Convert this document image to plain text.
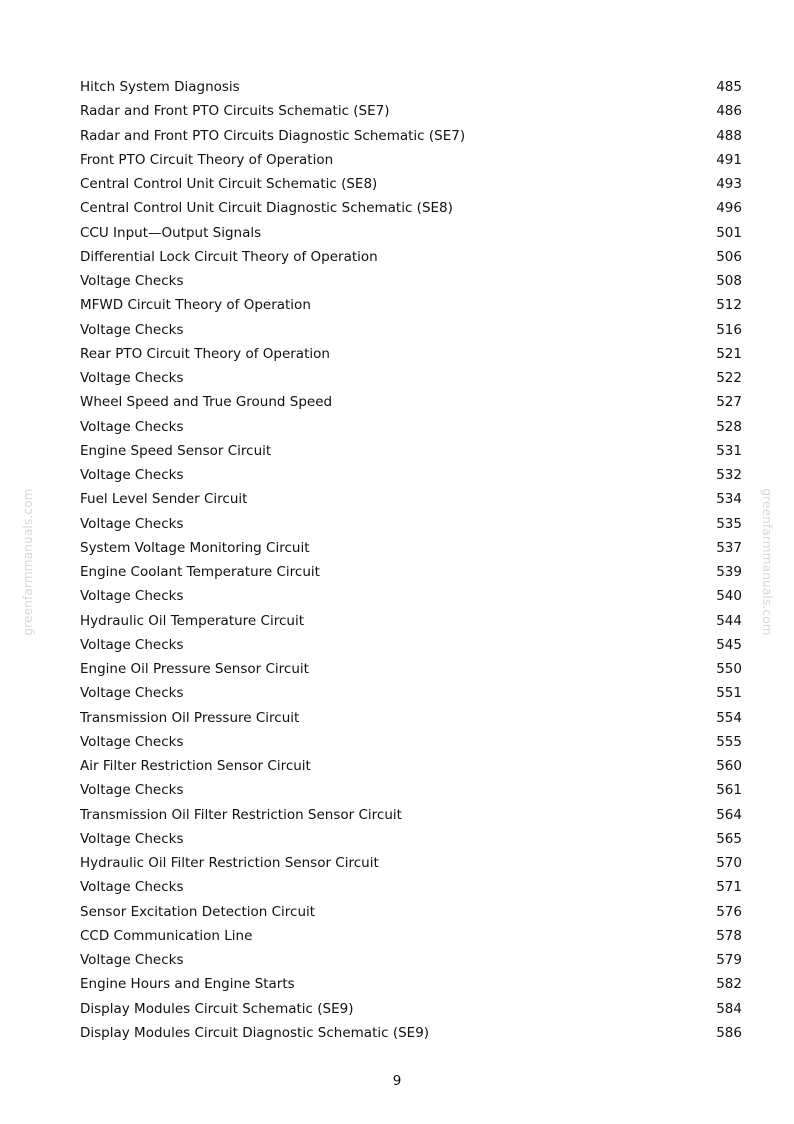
greenfarmmanuals.com	greenfarmmanuals.com
Hitch System Diagnosis	485
Radar and Front PTO Circuits Schematic (SE7)	486
Radar and Front PTO Circuits Diagnostic Schematic (SE7)	488
Front PTO Circuit Theory of Operation	491
Central Control Unit Circuit Schematic (SE8)	493
Central Control Unit Circuit Diagnostic Schematic (SE8)	496
CCU Input—Output Signals	501
Differential Lock Circuit Theory of Operation	506
Voltage Checks	508
MFWD Circuit Theory of Operation	512
Voltage Checks	516
Rear PTO Circuit Theory of Operation	521
Voltage Checks	522
Wheel Speed and True Ground Speed	527
Voltage Checks	528
Engine Speed Sensor Circuit	531
Voltage Checks	532
Fuel Level Sender Circuit	534
Voltage Checks	535
System Voltage Monitoring Circuit	537
Engine Coolant Temperature Circuit	539
Voltage Checks	540
Hydraulic Oil Temperature Circuit	544
Voltage Checks	545
Engine Oil Pressure Sensor Circuit	550
Voltage Checks	551
Transmission Oil Pressure Circuit	554
Voltage Checks	555
Air Filter Restriction Sensor Circuit	560
Voltage Checks	561
Transmission Oil Filter Restriction Sensor Circuit	564
Voltage Checks	565
Hydraulic Oil Filter Restriction Sensor Circuit	570
Voltage Checks	571
Sensor Excitation Detection Circuit	576
CCD Communication Line	578
Voltage Checks	579
Engine Hours and Engine Starts	582
Display Modules Circuit Schematic (SE9)	584
Display Modules Circuit Diagnostic Schematic (SE9)	586
9
